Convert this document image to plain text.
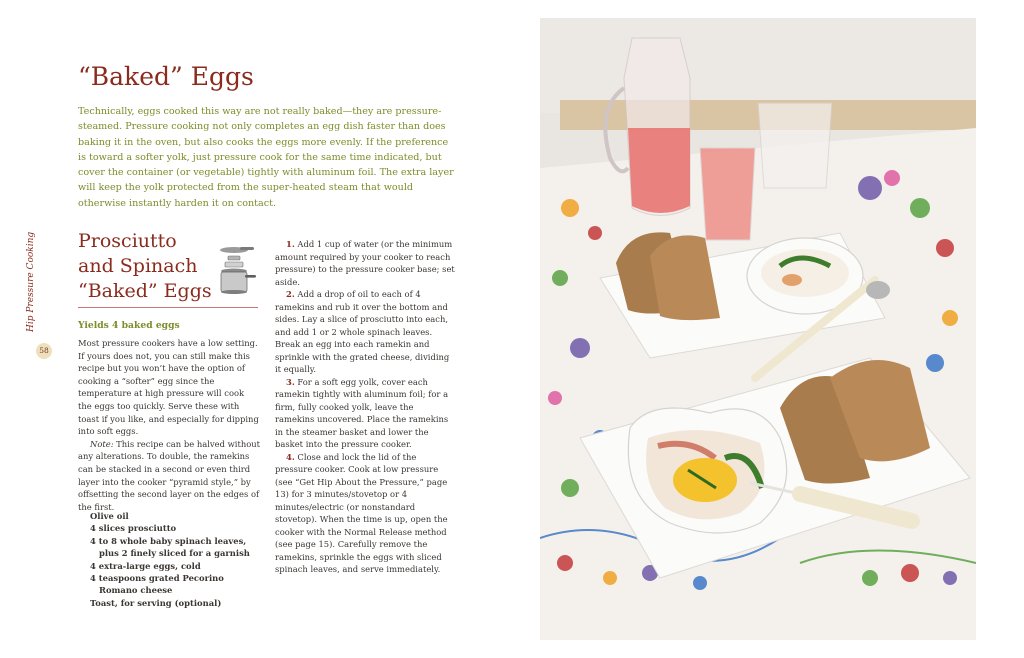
“Baked” Eggs

Technically, eggs cooked this way are not really baked—they are pressure-steamed. Pressure cooking not only completes an egg dish faster than does baking it in the oven, but also cooks the eggs more evenly. If the preference is toward a softer yolk, just pressure cook for the same time indicated, but cover the container (or vegetable) tightly with aluminum foil. The extra layer will keep the yolk protected from the super-heated steam that would otherwise instantly harden it on contact.

Hip Pressure Cooking
58
Prosciutto
and Spinach
“Baked” Eggs
Yields 4 baked eggs

Most pressure cookers have a low setting. If yours does not, you can still make this recipe but you won’t have the option of cooking a “softer” egg since the temperature at high pressure will cook the eggs too quickly. Serve these with toast if you like, and especially for dipping into soft eggs.

Note: This recipe can be halved without any alterations. To double, the ramekins can be stacked in a second or even third layer into the cooker “pyramid style,” by offsetting the second layer on the edges of the first.

Olive oil
4 slices prosciutto
4 to 8 whole baby spinach leaves, plus 2 finely sliced for a garnish
4 extra-large eggs, cold
4 teaspoons grated Pecorino Romano cheese
Toast, for serving (optional)
1. Add 1 cup of water (or the minimum amount required by your cooker to reach pressure) to the pressure cooker base; set aside.
2. Add a drop of oil to each of 4 ramekins and rub it over the bottom and sides. Lay a slice of prosciutto into each, and add 1 or 2 whole spinach leaves. Break an egg into each ramekin and sprinkle with the grated cheese, dividing it equally.
3. For a soft egg yolk, cover each ramekin tightly with aluminum foil; for a firm, fully cooked yolk, leave the ramekins uncovered. Place the ramekins in the steamer basket and lower the basket into the pressure cooker.
4. Close and lock the lid of the pressure cooker. Cook at low pressure (see “Get Hip About the Pressure,” page 13) for 3 minutes/stovetop or 4 minutes/electric (or nonstandard stovetop). When the time is up, open the cooker with the Normal Release method (see page 15). Carefully remove the ramekins, sprinkle the eggs with sliced spinach leaves, and serve immediately.
